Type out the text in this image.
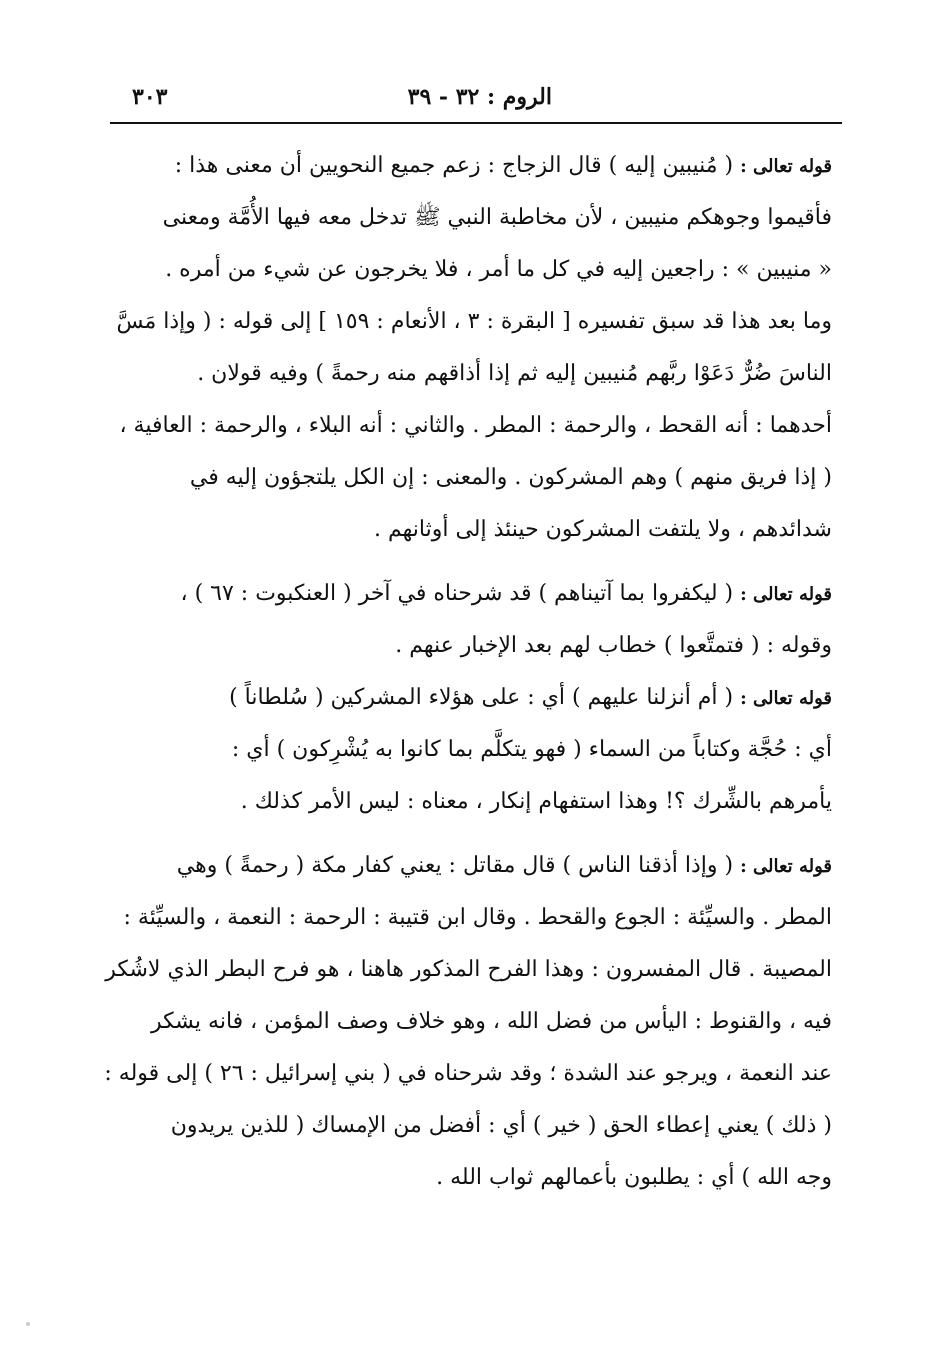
الروم : ٣٢ - ٣٩
٣٠٣
قوله تعالى : ( مُنيبين إليه ) قال الزجاج : زعم جميع النحويين أن معنى هذا :
فأقيموا وجوهكم منيبين ، لأن مخاطبة النبي ﷺ تدخل معه فيها الأُمَّة ومعنى
« منيبين » : راجعين إليه في كل ما أمر ، فلا يخرجون عن شيء من أمره .
وما بعد هذا قد سبق تفسيره [ البقرة : ٣ ، الأنعام : ١٥٩ ] إلى قوله : ( وإذا مَسَّ
الناسَ ضُرٌّ دَعَوْا ربَّهم مُنيبين إليه ثم إذا أذاقهم منه رحمةً ) وفيه قولان .
أحدهما : أنه القحط ، والرحمة : المطر . والثاني : أنه البلاء ، والرحمة : العافية ،
( إذا فريق منهم ) وهم المشركون . والمعنى : إن الكل يلتجؤون إليه في
شدائدهم ، ولا يلتفت المشركون حينئذ إلى أوثانهم .
قوله تعالى : ( ليكفروا بما آتيناهم ) قد شرحناه في آخر ( العنكبوت : ٦٧ ) ،
وقوله : ( فتمتَّعوا ) خطاب لهم بعد الإخبار عنهم .
قوله تعالى : ( أم أنزلنا عليهم ) أي : على هؤلاء المشركين ( سُلطاناً )
أي : حُجَّة وكتاباً من السماء ( فهو يتكلَّم بما كانوا به يُشْرِكون ) أي :
يأمرهم بالشِّرك ؟! وهذا استفهام إنكار ، معناه : ليس الأمر كذلك .
قوله تعالى : ( وإذا أذقنا الناس ) قال مقاتل : يعني كفار مكة ( رحمةً ) وهي
المطر . والسيِّئة : الجوع والقحط . وقال ابن قتيبة : الرحمة : النعمة ، والسيِّئة :
المصيبة . قال المفسرون : وهذا الفرح المذكور هاهنا ، هو فرح البطر الذي لاشُكر
فيه ، والقنوط : اليأس من فضل الله ، وهو خلاف وصف المؤمن ، فانه يشكر
عند النعمة ، ويرجو عند الشدة ؛ وقد شرحناه في ( بني إسرائيل : ٢٦ ) إلى قوله :
( ذلك ) يعني إعطاء الحق ( خير ) أي : أفضل من الإمساك ( للذين يريدون
وجه الله ) أي : يطلبون بأعمالهم ثواب الله .
